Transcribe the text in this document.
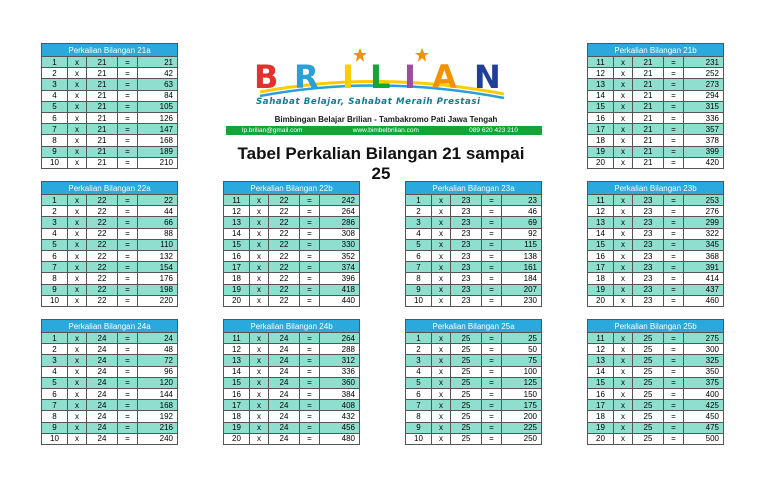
B R I L I A N
Sahabat Belajar, Sahabat Meraih Prestasi
Bimbingan Belajar Brilian - Tambakromo Pati Jawa Tengah
lp.brilian@gmail.com	www.bimbelbrilian.com	089 620 423 210
Tabel Perkalian Bilangan 21 sampai 25
Perkalian Bilangan 21a				
1	x	21	=	21
2	x	21	=	42
3	x	21	=	63
4	x	21	=	84
5	x	21	=	105
6	x	21	=	126
7	x	21	=	147
8	x	21	=	168
9	x	21	=	189
10	x	21	=	210
Perkalian Bilangan 21b				
11	x	21	=	231
12	x	21	=	252
13	x	21	=	273
14	x	21	=	294
15	x	21	=	315
16	x	21	=	336
17	x	21	=	357
18	x	21	=	378
19	x	21	=	399
20	x	21	=	420
Perkalian Bilangan 22a				
1	x	22	=	22
2	x	22	=	44
3	x	22	=	66
4	x	22	=	88
5	x	22	=	110
6	x	22	=	132
7	x	22	=	154
8	x	22	=	176
9	x	22	=	198
10	x	22	=	220
Perkalian Bilangan 22b				
11	x	22	=	242
12	x	22	=	264
13	x	22	=	286
14	x	22	=	308
15	x	22	=	330
16	x	22	=	352
17	x	22	=	374
18	x	22	=	396
19	x	22	=	418
20	x	22	=	440
Perkalian Bilangan 23a				
1	x	23	=	23
2	x	23	=	46
3	x	23	=	69
4	x	23	=	92
5	x	23	=	115
6	x	23	=	138
7	x	23	=	161
8	x	23	=	184
9	x	23	=	207
10	x	23	=	230
Perkalian Bilangan 23b				
11	x	23	=	253
12	x	23	=	276
13	x	23	=	299
14	x	23	=	322
15	x	23	=	345
16	x	23	=	368
17	x	23	=	391
18	x	23	=	414
19	x	23	=	437
20	x	23	=	460
Perkalian Bilangan 24a				
1	x	24	=	24
2	x	24	=	48
3	x	24	=	72
4	x	24	=	96
5	x	24	=	120
6	x	24	=	144
7	x	24	=	168
8	x	24	=	192
9	x	24	=	216
10	x	24	=	240
Perkalian Bilangan 24b				
11	x	24	=	264
12	x	24	=	288
13	x	24	=	312
14	x	24	=	336
15	x	24	=	360
16	x	24	=	384
17	x	24	=	408
18	x	24	=	432
19	x	24	=	456
20	x	24	=	480
Perkalian Bilangan 25a				
1	x	25	=	25
2	x	25	=	50
3	x	25	=	75
4	x	25	=	100
5	x	25	=	125
6	x	25	=	150
7	x	25	=	175
8	x	25	=	200
9	x	25	=	225
10	x	25	=	250
Perkalian Bilangan 25b				
11	x	25	=	275
12	x	25	=	300
13	x	25	=	325
14	x	25	=	350
15	x	25	=	375
16	x	25	=	400
17	x	25	=	425
18	x	25	=	450
19	x	25	=	475
20	x	25	=	500
